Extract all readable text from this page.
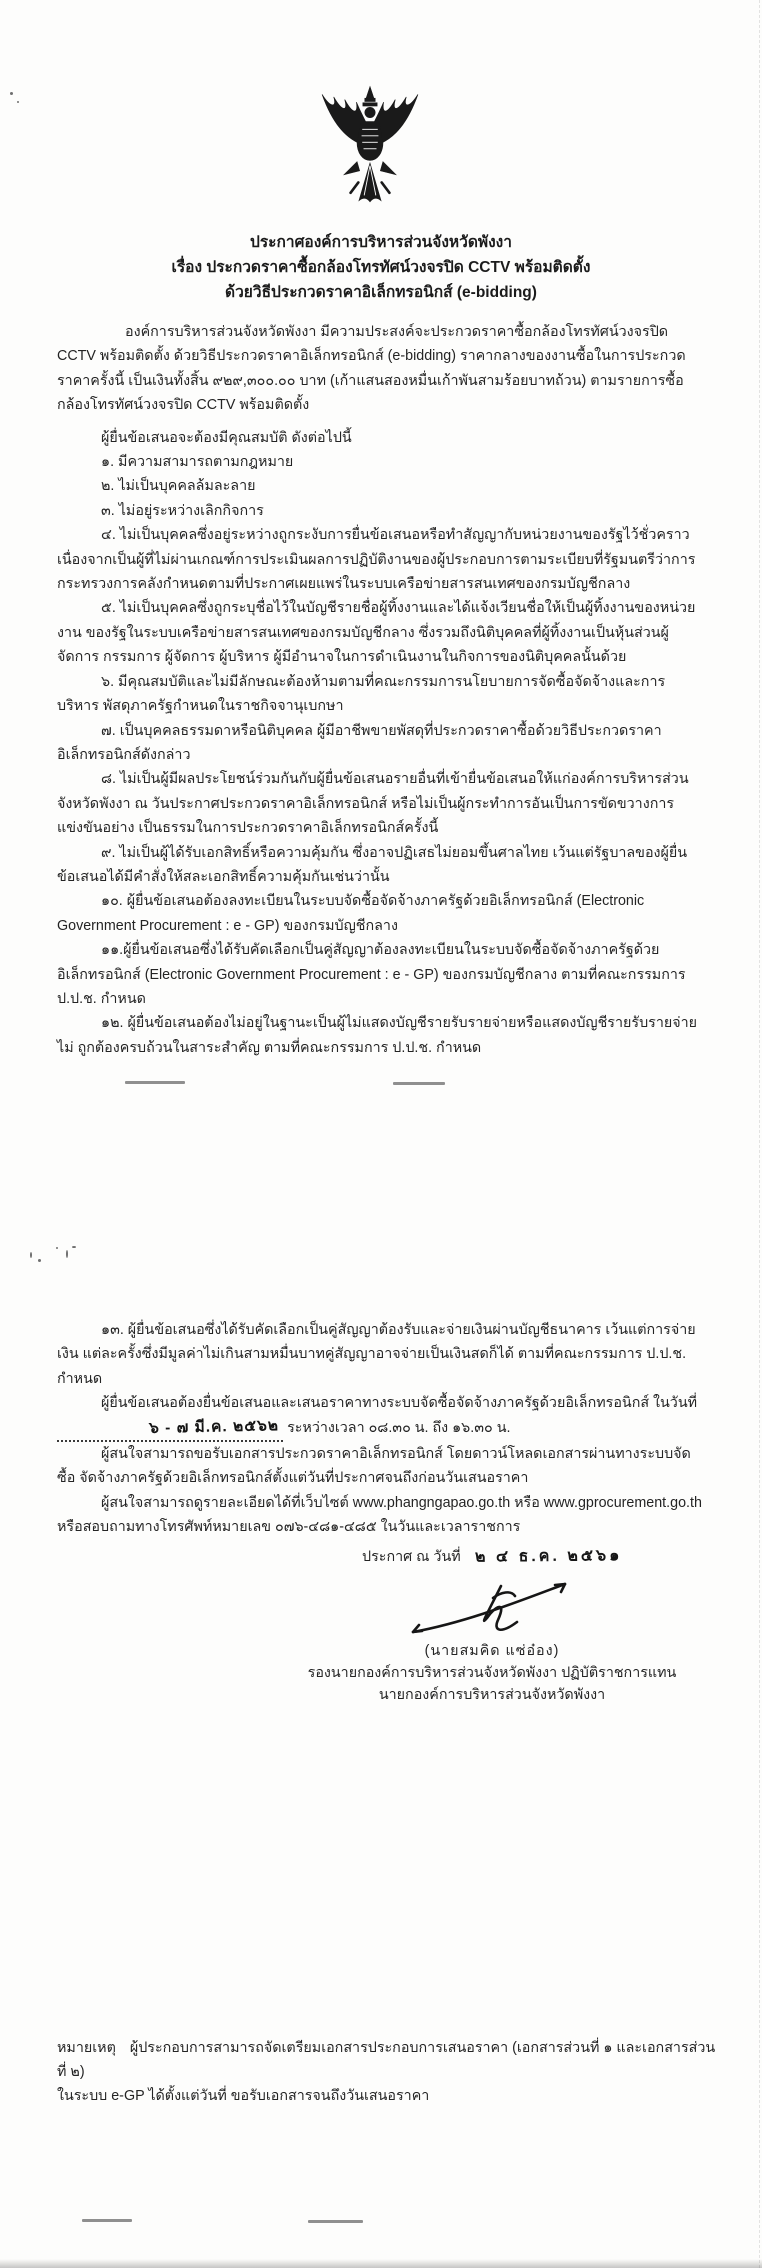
ประกาศองค์การบริหารส่วนจังหวัดพังงา
เรื่อง ประกวดราคาซื้อกล้องโทรทัศน์วงจรปิด CCTV พร้อมติดตั้ง
ด้วยวิธีประกวดราคาอิเล็กทรอนิกส์ (e-bidding)

องค์การบริหารส่วนจังหวัดพังงา มีความประสงค์จะประกวดราคาซื้อกล้องโทรทัศน์วงจรปิด CCTV พร้อมติดตั้ง ด้วยวิธีประกวดราคาอิเล็กทรอนิกส์ (e-bidding) ราคากลางของงานซื้อในการประกวดราคาครั้งนี้ เป็นเงินทั้งสิ้น ๙๒๙,๓๐๐.๐๐ บาท (เก้าแสนสองหมื่นเก้าพันสามร้อยบาทถ้วน) ตามรายการซื้อกล้องโทรทัศน์วงจรปิด CCTV พร้อมติดตั้ง

ผู้ยื่นข้อเสนอจะต้องมีคุณสมบัติ ดังต่อไปนี้

๑. มีความสามารถตามกฎหมาย

๒. ไม่เป็นบุคคลล้มละลาย

๓. ไม่อยู่ระหว่างเลิกกิจการ

๔. ไม่เป็นบุคคลซึ่งอยู่ระหว่างถูกระงับการยื่นข้อเสนอหรือทำสัญญากับหน่วยงานของรัฐไว้ชั่วคราว เนื่องจากเป็นผู้ที่ไม่ผ่านเกณฑ์การประเมินผลการปฏิบัติงานของผู้ประกอบการตามระเบียบที่รัฐมนตรีว่าการ กระทรวงการคลังกำหนดตามที่ประกาศเผยแพร่ในระบบเครือข่ายสารสนเทศของกรมบัญชีกลาง

๕. ไม่เป็นบุคคลซึ่งถูกระบุชื่อไว้ในบัญชีรายชื่อผู้ทิ้งงานและได้แจ้งเวียนชื่อให้เป็นผู้ทิ้งงานของหน่วยงาน ของรัฐในระบบเครือข่ายสารสนเทศของกรมบัญชีกลาง ซึ่งรวมถึงนิติบุคคลที่ผู้ทิ้งงานเป็นหุ้นส่วนผู้จัดการ กรรมการ ผู้จัดการ ผู้บริหาร ผู้มีอำนาจในการดำเนินงานในกิจการของนิติบุคคลนั้นด้วย

๖. มีคุณสมบัติและไม่มีลักษณะต้องห้ามตามที่คณะกรรมการนโยบายการจัดซื้อจัดจ้างและการบริหาร พัสดุภาครัฐกำหนดในราชกิจจานุเบกษา

๗. เป็นบุคคลธรรมดาหรือนิติบุคคล ผู้มีอาชีพขายพัสดุที่ประกวดราคาซื้อด้วยวิธีประกวดราคา อิเล็กทรอนิกส์ดังกล่าว

๘. ไม่เป็นผู้มีผลประโยชน์ร่วมกันกับผู้ยื่นข้อเสนอรายอื่นที่เข้ายื่นข้อเสนอให้แก่องค์การบริหารส่วน จังหวัดพังงา ณ วันประกาศประกวดราคาอิเล็กทรอนิกส์ หรือไม่เป็นผู้กระทำการอันเป็นการขัดขวางการแข่งขันอย่าง เป็นธรรมในการประกวดราคาอิเล็กทรอนิกส์ครั้งนี้

๙. ไม่เป็นผู้ได้รับเอกสิทธิ์หรือความคุ้มกัน ซึ่งอาจปฏิเสธไม่ยอมขึ้นศาลไทย เว้นแต่รัฐบาลของผู้ยื่น ข้อเสนอได้มีคำสั่งให้สละเอกสิทธิ์ความคุ้มกันเช่นว่านั้น

๑๐. ผู้ยื่นข้อเสนอต้องลงทะเบียนในระบบจัดซื้อจัดจ้างภาครัฐด้วยอิเล็กทรอนิกส์ (Electronic Government Procurement : e - GP) ของกรมบัญชีกลาง

๑๑.ผู้ยื่นข้อเสนอซึ่งได้รับคัดเลือกเป็นคู่สัญญาต้องลงทะเบียนในระบบจัดซื้อจัดจ้างภาครัฐด้วย อิเล็กทรอนิกส์ (Electronic Government Procurement : e - GP) ของกรมบัญชีกลาง ตามที่คณะกรรมการ ป.ป.ช. กำหนด

๑๒. ผู้ยื่นข้อเสนอต้องไม่อยู่ในฐานะเป็นผู้ไม่แสดงบัญชีรายรับรายจ่ายหรือแสดงบัญชีรายรับรายจ่ายไม่ ถูกต้องครบถ้วนในสาระสำคัญ ตามที่คณะกรรมการ ป.ป.ช. กำหนด

๑๓. ผู้ยื่นข้อเสนอซึ่งได้รับคัดเลือกเป็นคู่สัญญาต้องรับและจ่ายเงินผ่านบัญชีธนาคาร เว้นแต่การจ่ายเงิน แต่ละครั้งซึ่งมีมูลค่าไม่เกินสามหมื่นบาทคู่สัญญาอาจจ่ายเป็นเงินสดก็ได้ ตามที่คณะกรรมการ ป.ป.ช. กำหนด

ผู้ยื่นข้อเสนอต้องยื่นข้อเสนอและเสนอราคาทางระบบจัดซื้อจัดจ้างภาครัฐด้วยอิเล็กทรอนิกส์ ในวันที่
๖ - ๗ มี.ค. ๒๕๖๒ ระหว่างเวลา ๐๘.๓๐ น. ถึง ๑๖.๓๐ น.

ผู้สนใจสามารถขอรับเอกสารประกวดราคาอิเล็กทรอนิกส์ โดยดาวน์โหลดเอกสารผ่านทางระบบจัดซื้อ จัดจ้างภาครัฐด้วยอิเล็กทรอนิกส์ตั้งแต่วันที่ประกาศจนถึงก่อนวันเสนอราคา

ผู้สนใจสามารถดูรายละเอียดได้ที่เว็บไซต์ www.phangngapao.go.th หรือ www.gprocurement.go.th หรือสอบถามทางโทรศัพท์หมายเลข ๐๗๖-๔๘๑-๔๘๕ ในวันและเวลาราชการ

ประกาศ ณ วันที่ ๒ ๔ ธ.ค. ๒๕๖๑
(นายสมคิด แซ่อ๋อง)
รองนายกองค์การบริหารส่วนจังหวัดพังงา ปฏิบัติราชการแทน
นายกองค์การบริหารส่วนจังหวัดพังงา
หมายเหตุ ผู้ประกอบการสามารถจัดเตรียมเอกสารประกอบการเสนอราคา (เอกสารส่วนที่ ๑ และเอกสารส่วนที่ ๒)
ในระบบ e-GP ได้ตั้งแต่วันที่ ขอรับเอกสารจนถึงวันเสนอราคา
